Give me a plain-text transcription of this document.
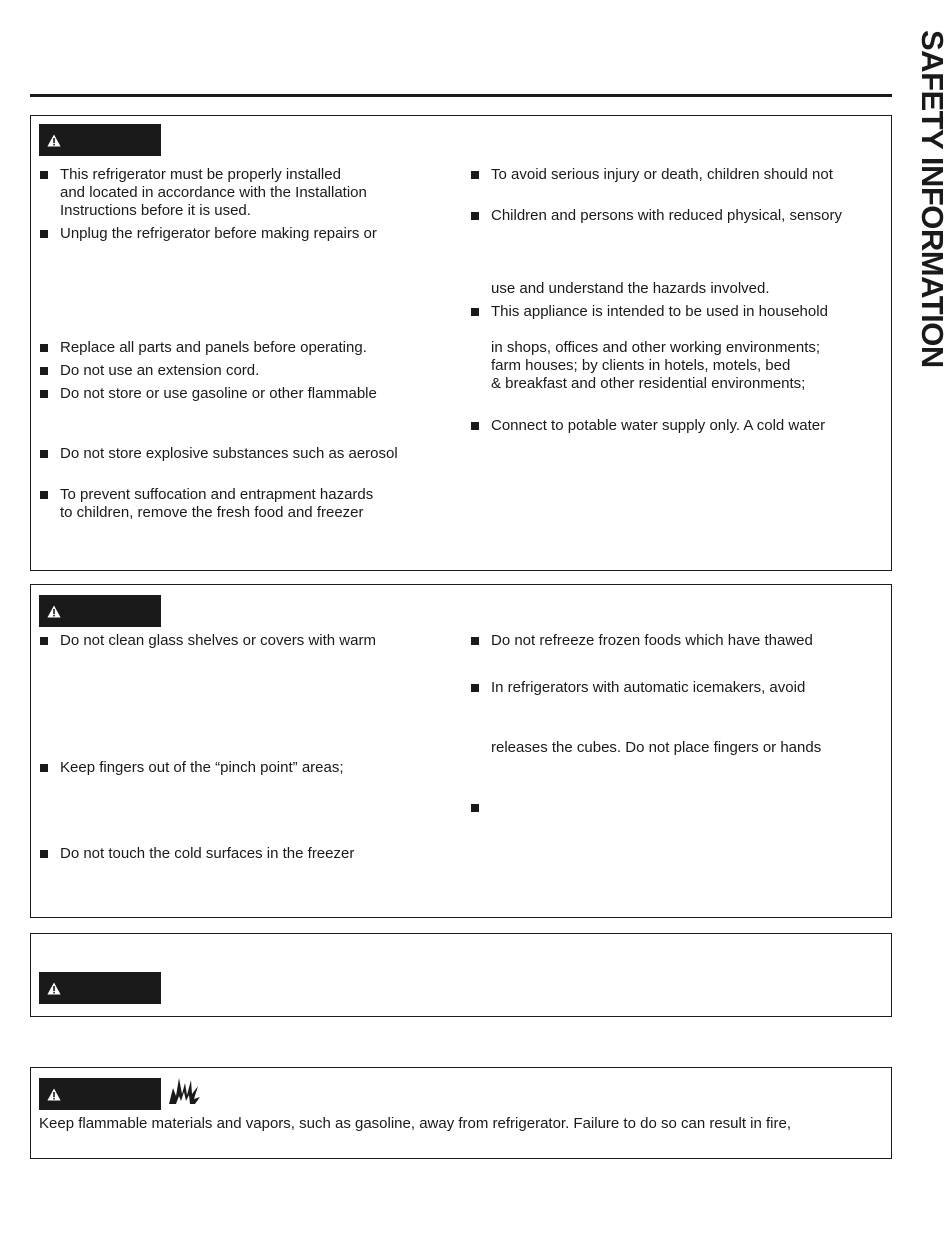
SAFETY INFORMATION
This refrigerator must be properly installed
and located in accordance with the Installation
Instructions before it is used.
Unplug the refrigerator before making repairs or
Replace all parts and panels before operating.
Do not use an extension cord.
Do not store or use gasoline or other flammable
Do not store explosive substances such as aerosol
To prevent suffocation and entrapment hazards
to children, remove the fresh food and freezer
To avoid serious injury or death, children should not
Children and persons with reduced physical, sensory
use and understand the hazards involved.
This appliance is intended to be used in household
in shops, offices and other working environments;
farm houses; by clients in hotels, motels, bed
& breakfast and other residential environments;
Connect to potable water supply only. A cold water
Do not clean glass shelves or covers with warm
Keep fingers out of the “pinch point” areas;
Do not touch the cold surfaces in the freezer
Do not refreeze frozen foods which have thawed
In refrigerators with automatic icemakers, avoid
releases the cubes. Do not place fingers or hands
Keep flammable materials and vapors, such as gasoline, away from refrigerator. Failure to do so can result in fire,
